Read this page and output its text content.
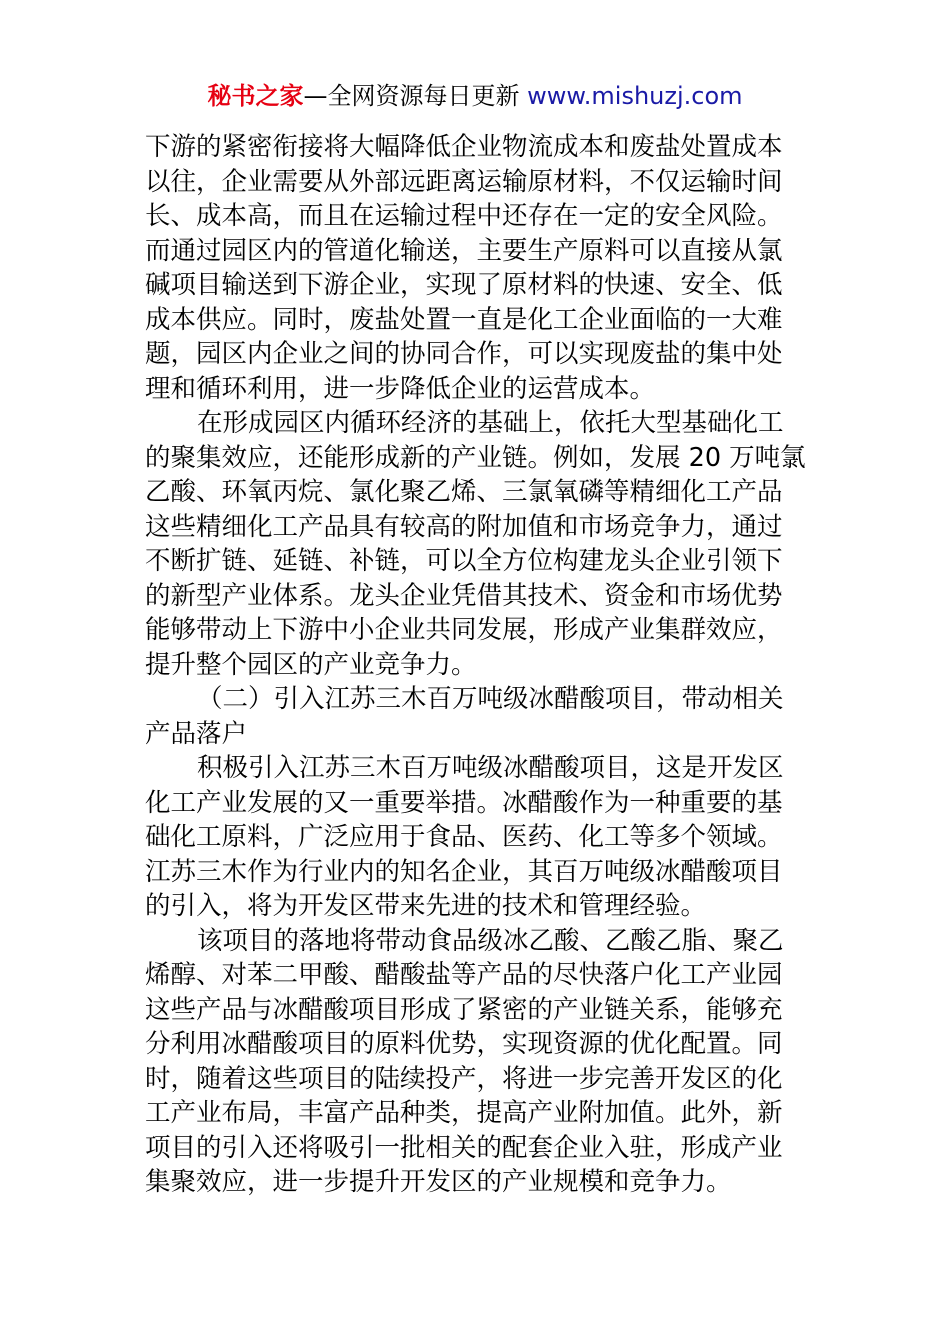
秘书之家—全网资源每日更新 www.mishuzj.com
下游的紧密衔接将大幅降低企业物流成本和废盐处置成本
以往，企业需要从外部远距离运输原材料，不仅运输时间
长、成本高，而且在运输过程中还存在一定的安全风险。
而通过园区内的管道化输送，主要生产原料可以直接从氯
碱项目输送到下游企业，实现了原材料的快速、安全、低
成本供应。同时，废盐处置一直是化工企业面临的一大难
题，园区内企业之间的协同合作，可以实现废盐的集中处
理和循环利用，进一步降低企业的运营成本。
在形成园区内循环经济的基础上，依托大型基础化工
的聚集效应，还能形成新的产业链。例如，发展 20 万吨氯
乙酸、环氧丙烷、氯化聚乙烯、三氯氧磷等精细化工产品
这些精细化工产品具有较高的附加值和市场竞争力，通过
不断扩链、延链、补链，可以全方位构建龙头企业引领下
的新型产业体系。龙头企业凭借其技术、资金和市场优势
能够带动上下游中小企业共同发展，形成产业集群效应，
提升整个园区的产业竞争力。
（二）引入江苏三木百万吨级冰醋酸项目，带动相关
产品落户
积极引入江苏三木百万吨级冰醋酸项目，这是开发区
化工产业发展的又一重要举措。冰醋酸作为一种重要的基
础化工原料，广泛应用于食品、医药、化工等多个领域。
江苏三木作为行业内的知名企业，其百万吨级冰醋酸项目
的引入，将为开发区带来先进的技术和管理经验。
该项目的落地将带动食品级冰乙酸、乙酸乙脂、聚乙
烯醇、对苯二甲酸、醋酸盐等产品的尽快落户化工产业园
这些产品与冰醋酸项目形成了紧密的产业链关系，能够充
分利用冰醋酸项目的原料优势，实现资源的优化配置。同
时，随着这些项目的陆续投产，将进一步完善开发区的化
工产业布局，丰富产品种类，提高产业附加值。此外，新
项目的引入还将吸引一批相关的配套企业入驻，形成产业
集聚效应，进一步提升开发区的产业规模和竞争力。
